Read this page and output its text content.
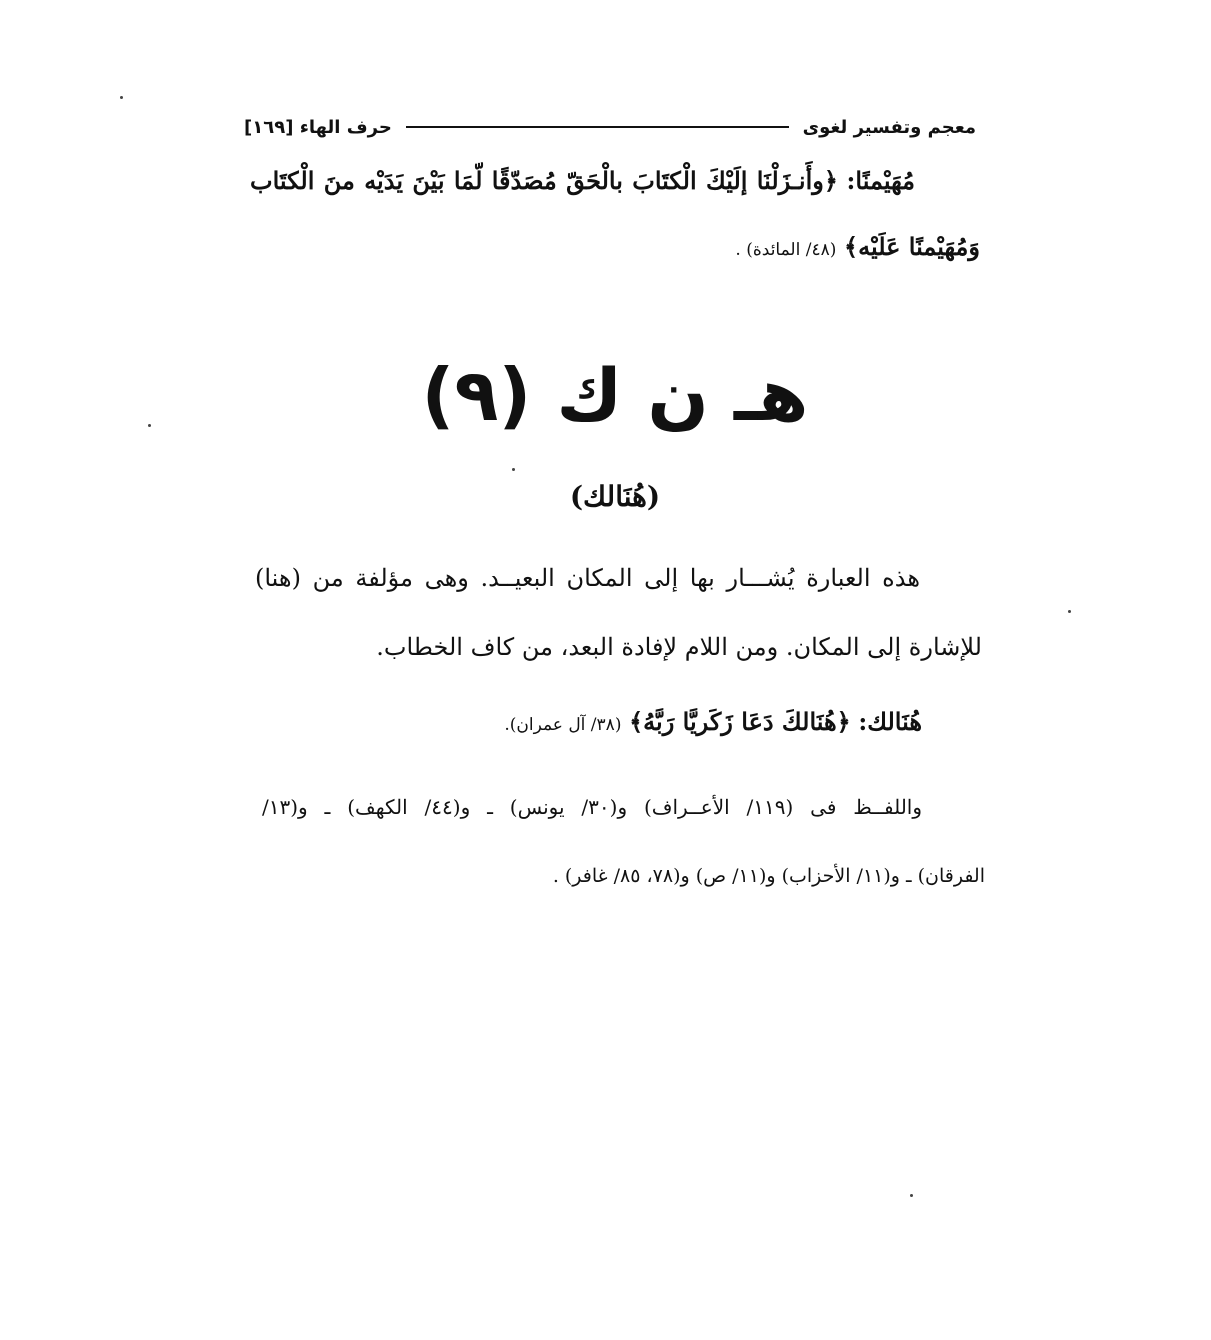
معجم وتفسير لغوى
حرف الهاء [١٦٩]
مُهَيْمنًا: ﴿وأَنـزَلْنَا إلَيْكَ الْكتَابَ بالْحَقّ مُصَدّقًا لّمَا بَيْنَ يَدَيْه منَ الْكتَاب
وَمُهَيْمنًا عَلَيْه﴾ (٤٨/ المائدة) .
هـ ن ك (٩)
(هُنَالك)
هذه العبارة يُشـــار بها إلى المكان البعيــد. وهى مؤلفة من (هنا)
للإشارة إلى المكان. ومن اللام لإفادة البعد، من كاف الخطاب.
هُنَالك: ﴿هُنَالكَ دَعَا زَكَريَّا رَبَّهُ﴾ (٣٨/ آل عمران).
واللفــظ فى (١١٩/ الأعــراف) و(٣٠/ يونس) ـ و(٤٤/ الكهف) ـ و(١٣/
الفرقان) ـ و(١١/ الأحزاب) و(١١/ ص) و(٧٨، ٨٥/ غافر) .
